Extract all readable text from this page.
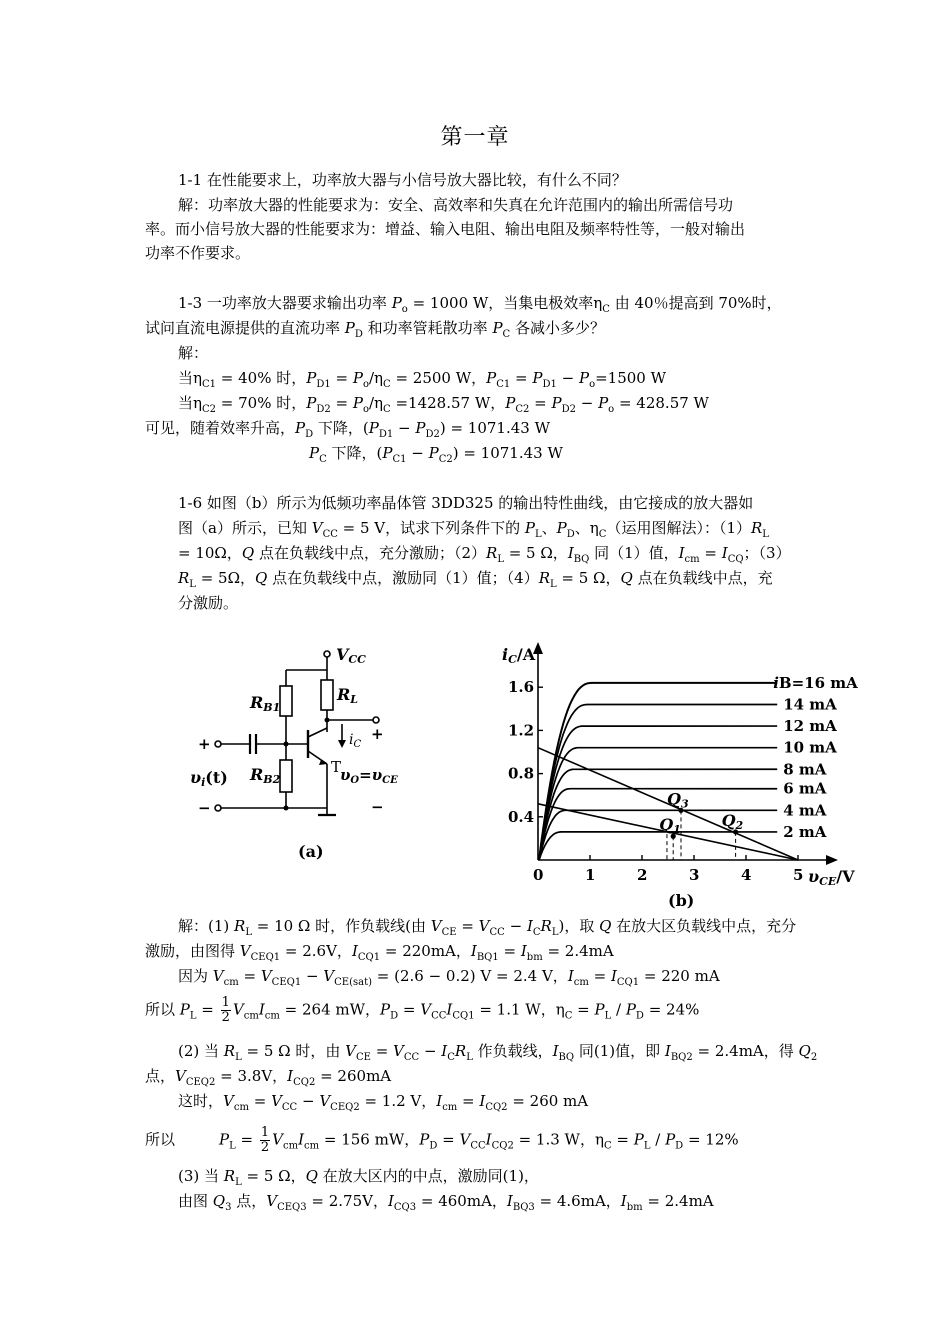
第一章
1-1 在性能要求上，功率放大器与小信号放大器比较，有什么不同？
解：功率放大器的性能要求为：安全、高效率和失真在允许范围内的输出所需信号功
率。而小信号放大器的性能要求为：增益、输入电阻、输出电阻及频率特性等，一般对输出
功率不作要求。
1-3 一功率放大器要求输出功率 $P_o = 1000$ W，当集电极效率$\eta_C$ 由 40％提高到 70%时，
试问直流电源提供的直流功率 $P_D$ 和功率管耗散功率 $P_C$ 各减小多少？
解：
当$\eta_{C1} = 40\%$ 时，$P_{D1} = P_o/\eta_C = 2500$ W，$P_{C1} = P_{D1} - P_o=1500$ W
当$\eta_{C2} = 70\%$ 时，$P_{D2} = P_o/\eta_C =1428.57$ W，$P_{C2} = P_{D2} - P_o = 428.57$ W
可见，随着效率升高，$P_D$ 下降，$(P_{D1} - P_{D2}) = 1071.43$ W
$P_C$ 下降，$(P_{C1} - P_{C2}) = 1071.43$ W
1-6 如图（b）所示为低频功率晶体管 3DD325 的输出特性曲线，由它接成的放大器如
图（a）所示，已知 $V_{CC} = 5$ V，试求下列条件下的 $P_L$、$P_D$、$\eta_C$（运用图解法）：$(1)R_L$
= 10Ω，Q 点在负载线中点，充分激励；$(2)R_L = 5$ Ω，$I_{BQ}$ 同（1）值，$I_{cm} = I_{CQ}$；（3）
$R_L = 5\Omega$，Q 点在负载线中点，激励同（1）值；$(4)R_L = 5$ Ω，Q 点在负载线中点，充
分激励。
VCC
RB1
RB2
RL
$i_C$
T
+
−
υi(t)
+
−
$\upsilon_O=\upsilon_{CE}$
(a)
0	1	2	3	4	5
0.4
0.8
1.2
1.6	iB=16 mA
14 mA
12 mA
10 mA
8 mA
6 mA
4 mA
2 mA
Q1	Q2
Q3
iC/A
υCE/V
(b)
解：(1) $R_L = 10$ Ω 时，作负载线(由 $V_{CE} = V_{CC} - I_CR_L$)，取 Q 在放大区负载线中点，充分
激励，由图得 $V_{CEQ1} = 2.6V$，$I_{CQ1} = 220mA$，$I_{BQ1} = I_{bm} = 2.4mA$
因为 $V_{cm} = V_{CEQ1} - V_{CE(sat)} = (2.6 - 0.2) V = 2.4$ V，$I_{cm} = I_{CQ1} = 220$ mA
所以 $P_L = \frac{1}{2} V_{cm}I_{cm} = 264$ mW，$P_D = V_{CC}I_{CQ1} = 1.1$ W，$\eta_C = P_L / P_D = 24\%$
(2) 当 $R_L = 5$ Ω 时，由 $V_{CE} = V_{CC} - I_CR_L$ 作负载线，$I_{BQ}$ 同(1)值，即 $I_{BQ2} = 2.4mA$，得 $Q_2$
点，$V_{CEQ2} = 3.8V$，$I_{CQ2} = 260mA$
这时，$V_{cm} = V_{CC} - V_{CEQ2} = 1.2$ V，$I_{cm} = I_{CQ2} = 260$ mA
所以	$P_L = \frac{1}{2} V_{cm}I_{cm} = 156$ mW，$P_D = V_{CC}I_{CQ2} = 1.3$ W，$\eta_C = P_L / P_D = 12\%$
(3) 当 $R_L = 5$ Ω，Q 在放大区内的中点，激励同(1)，
由图 $Q_3$ 点，$V_{CEQ3} = 2.75V$，$I_{CQ3} = 460mA$，$I_{BQ3} = 4.6mA$，$I_{bm} = 2.4mA$
